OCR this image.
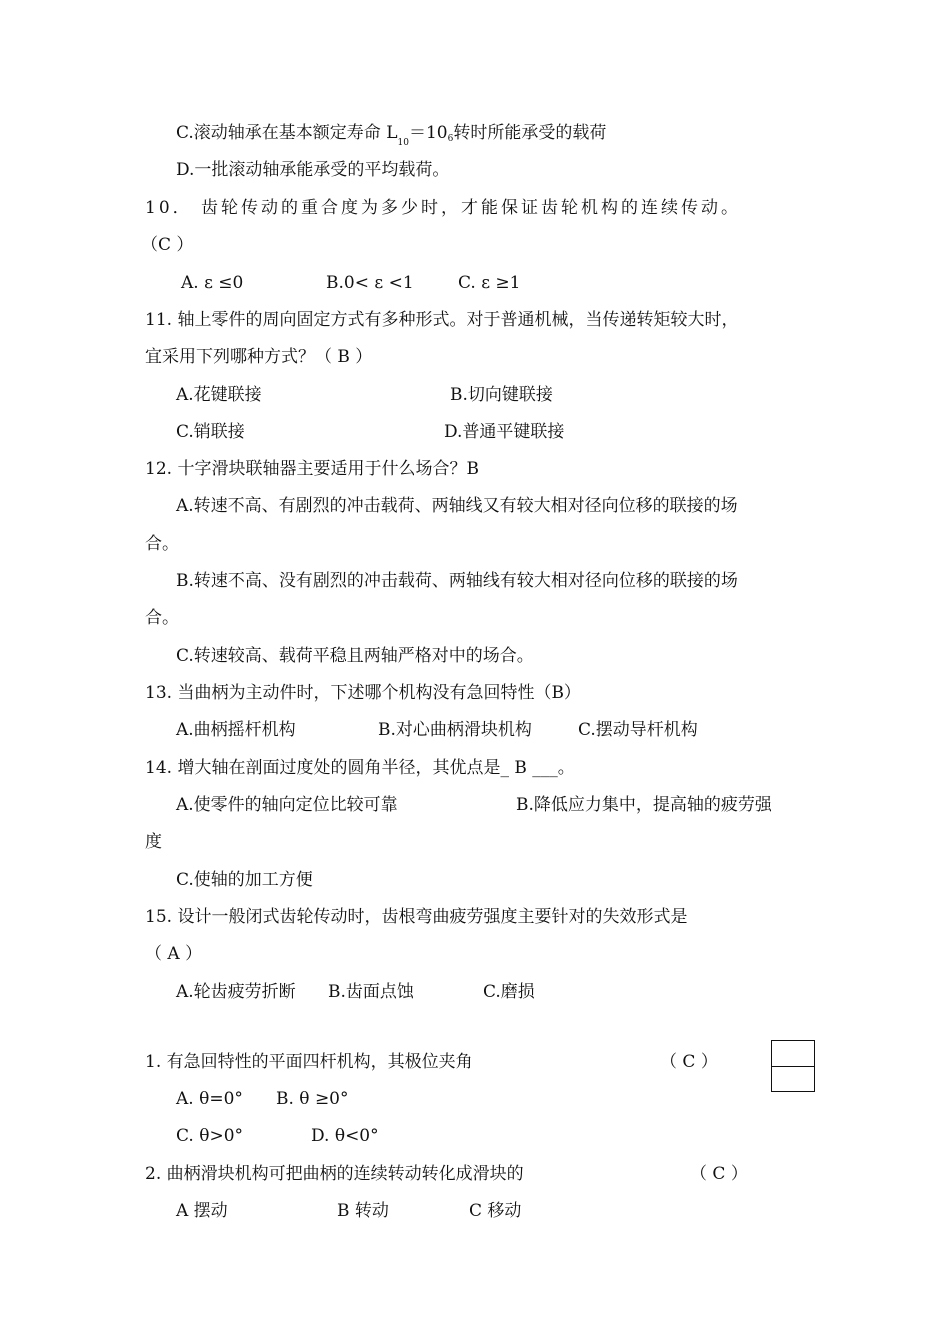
C.滚动轴承在基本额定寿命 $L_{10}=106$转时所能承受的载荷
D.一批滚动轴承能承受的平均载荷。
10． 齿轮传动的重合度为多少时，才能保证齿轮机构的连续传动。
（C ）
A. ε ≤0	B.0< ε <1	C. ε ≥1
11. 轴上零件的周向固定方式有多种形式。对于普通机械，当传递转矩较大时，
宜采用下列哪种方式？（ B ）
A.花键联接	B.切向键联接
C.销联接	D.普通平键联接
12. 十字滑块联轴器主要适用于什么场合？B
A.转速不高、有剧烈的冲击载荷、两轴线又有较大相对径向位移的联接的场
合。
B.转速不高、没有剧烈的冲击载荷、两轴线有较大相对径向位移的联接的场
合。
C.转速较高、载荷平稳且两轴严格对中的场合。
13. 当曲柄为主动件时，下述哪个机构没有急回特性（B）
A.曲柄摇杆机构	B.对心曲柄滑块机构	C.摆动导杆机构
14. 增大轴在剖面过度处的圆角半径，其优点是_ B ___。
A.使零件的轴向定位比较可靠	B.降低应力集中，提高轴的疲劳强
度
C.使轴的加工方便
15. 设计一般闭式齿轮传动时，齿根弯曲疲劳强度主要针对的失效形式是
（ A ）
A.轮齿疲劳折断 B.齿面点蚀	C.磨损
1. 有急回特性的平面四杆机构，其极位夹角	（ C ）
A. θ=0° B. θ ≥0°
C. θ>0°	D. θ<0°
2. 曲柄滑块机构可把曲柄的连续转动转化成滑块的	（ C ）
A 摆动	B 转动	C 移动
